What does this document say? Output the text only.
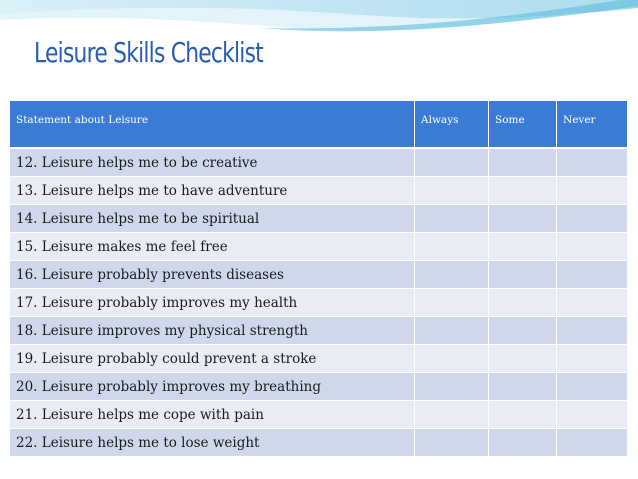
Leisure Skills Checklist
Statement about Leisure	Always	Some	Never
12. Leisure helps me to be creative			
13. Leisure helps me to have adventure			
14. Leisure helps me to be spiritual			
15. Leisure makes me feel free			
16. Leisure probably prevents diseases			
17. Leisure probably improves my health			
18. Leisure improves my physical strength			
19. Leisure probably could prevent a stroke			
20. Leisure probably improves my breathing			
21. Leisure helps me cope with pain			
22. Leisure helps me to lose weight			
